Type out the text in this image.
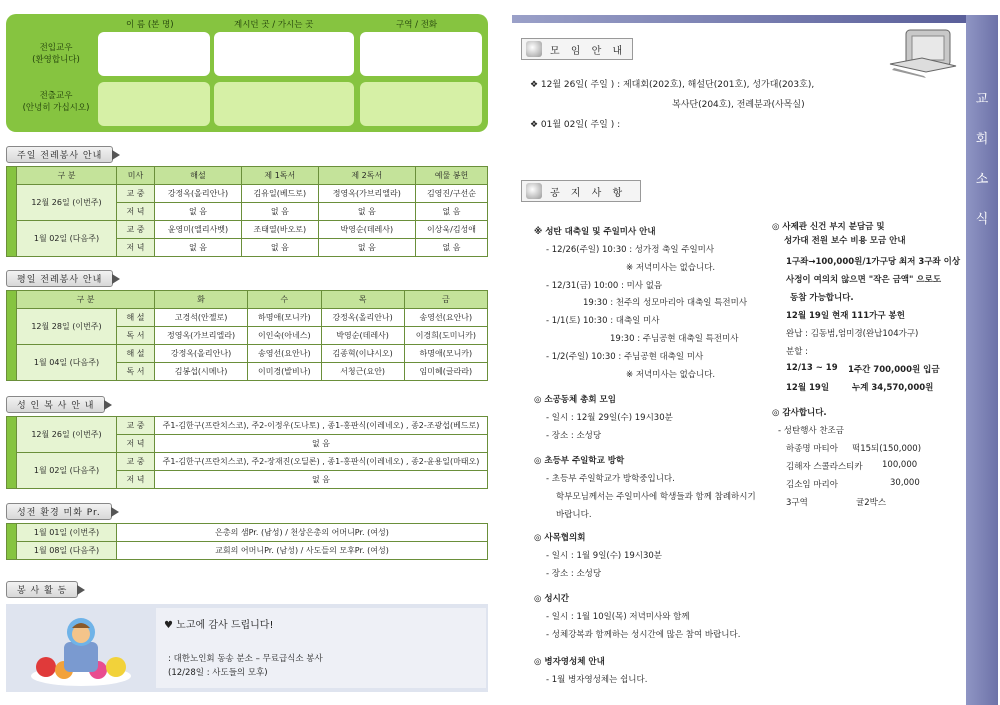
이 름 (본 명)	계시던 곳 / 가시는 곳	구역 / 전화
전입교우
(환영합니다)
전출교우
(안녕히 가십시오)
주일 전례봉사 안내
	구 분	미사	해설	제 1독서	제 2독서	예물 봉헌
	12월 26일 (이번주)	교 중	강정옥(올리안나)	김유일(베드로)	정영옥(가브리엘라)	김영진/구선순
		저 녁	없 음	없 음	없 음	없 음
	1월 02일 (다음주)	교 중	윤영미(엘리사벳)	조태열(바오로)	박영순(데레사)	이상욱/김성애
		저 녁	없 음	없 음	없 음	없 음
평일 전례봉사 안내
	구 분		화	수	목	금
	12월 28일 (이번주)	해 설	고경석(안젤로)	하명애(모니카)	강정옥(올리안나)	송영선(요안나)
		독 서	정영옥(가브리엘라)	이인숙(아네스)	박영순(데레사)	이경희(도미니카)
	1월 04일 (다음주)	해 설	강정옥(올리안나)	송영선(요안나)	김종혁(이냐시오)	하명애(모니카)
		독 서	김봉섭(시메나)	이미경(발비나)	서청근(요안)	임미혜(글라라)
성 인 복 사 안 내
	12월 26일 (이번주)	교 중	주1-김한구(프란치스코), 주2-이정우(도나토) , 종1-홍판식(이레네오) , 종2-조광섭(베드로)
		저 녁	없 음
	1월 02일 (다음주)	교 중	주1-김한구(프란치스코), 주2-장재진(오딜론) , 종1-홍판식(이레네오) , 종2-윤용일(마태오)
		저 녁	없 음
성전 환경 미화 Pr.
	1월 01일 (이번주)	은총의 샘Pr. (남성) / 천상은총의 어머니Pr. (여성)
	1월 08일 (다음주)	교회의 어머니Pr. (남성) / 사도들의 모후Pr. (여성)
봉 사 활 동
♥ 노고에 감사 드립니다!
: 대한노인회 동송 분소 – 무료급식소 봉사
(12/28일 : 사도들의 모후)
교
회
소
식
모 임 안 내
❖ 12월 26일( 주일 ) : 제대회(202호), 해설단(201호), 성가대(203호),
복사단(204호), 전례분과(사목실)
❖ 01월 02일( 주일 ) :
공 지 사 항
※ 성탄 대축일 및 주일미사 안내
- 12/26(주일) 10:30 : 성가정 축일 주일미사
※ 저녁미사는 없습니다.
- 12/31(금) 10:00 : 미사 없음
19:30 : 천주의 성모마리아 대축일 특전미사
- 1/1(토) 10:30 : 대축일 미사
19:30 : 주님공현 대축일 특전미사
- 1/2(주일) 10:30 : 주님공현 대축일 미사
※ 저녁미사는 없습니다.
◎ 소공동체 총회 모임
- 일시 : 12월 29일(수) 19시30분
- 장소 : 소성당
◎ 초등부 주일학교 방학
- 초등부 주일학교가 방학중입니다.
학부모님께서는 주일미사에 학생들과 함께 참례하시기
바랍니다.
◎ 사목협의회
- 일시 : 1월 9일(수) 19시30분
- 장소 : 소성당
◎ 성시간
- 일시 : 1월 10일(목) 저녁미사와 함께
- 성체강복과 함께하는 성시간에 많은 참여 바랍니다.
◎ 병자영성체 안내
- 1월 병자영성체는 쉽니다.
◎ 사제관 신건 부지 분담금 및
성가대 전원 보수 비용 모금 안내
1구좌→100,000원/1가구당 최저 3구좌 이상
사정이 여의치 않으면 "작은 금액" 으로도
동참 가능합니다.
12월 19일 현재 111가구 봉헌
완납 : 김동범,엄미경(완납104가구)
분할 :
12/13 ~ 19 1주간 700,000원 입금
12월 19일	누계 34,570,000원
◎ 감사합니다.
- 성탄행사 찬조금
하종명 마티아 떡15되(150,000)
김해자 스콜라스티카 100,000
김소임 마리아	30,000
3구역	귤2박스
